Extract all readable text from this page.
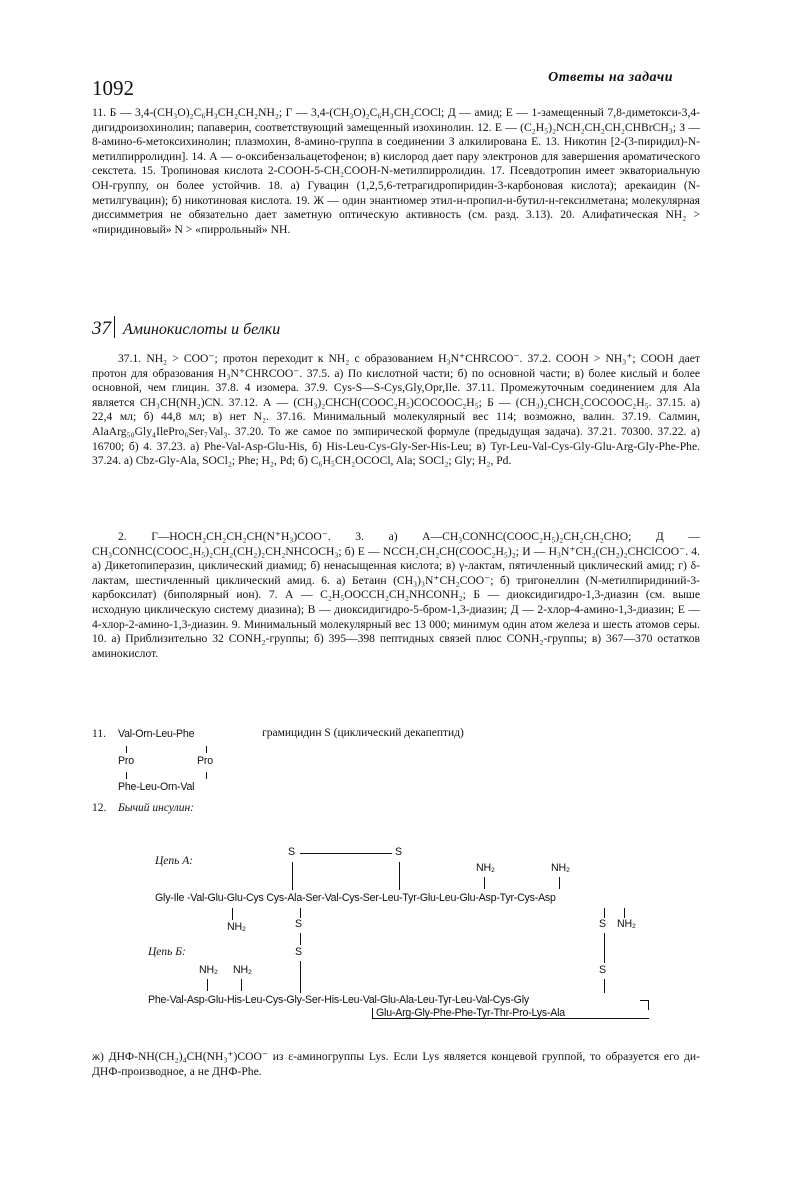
1092	Ответы на задачи

11. Б — 3,4-(CH₃O)₂C₆H₃CH₂CH₂NH₂; Г — 3,4-(CH₃O)₂C₆H₃CH₂COCl; Д — амид; Е — 1-замещенный 7,8-диметокси-3,4-дигидроизохинолин; папаверин, соответствующий замещенный изохинолин. 12. Е — (C₂H₅)₂NCH₂CH₂CH₂CHBrCH₃; З — 8-амино-6-метоксихинолин; плазмохин, 8-амино-группа в соединении З алкилирована Е. 13. Никотин [2-(3-пиридил)-N-метилпирролидин]. 14. А — о-оксибензальацетофенон; в) кислород дает пару электронов для завершения ароматического секстета. 15. Тропиновая кислота 2-COOH-5-CH₂COOH-N-метилпирролидин. 17. Псевдотропин имеет экваториальную OH-группу, он более устойчив. 18. а) Гувацин (1,2,5,6-тетрагидропиридин-3-карбоновая кислота); арекаидин (N-метилгувацин); б) никотиновая кислота. 19. Ж — один энантиомер этил-н-пропил-н-бутил-н-гексилметана; молекулярная диссимметрия не обязательно дает заметную оптическую активность (см. разд. 3.13). 20. Алифатическая NH₂ > «пиридиновый» N > «пиррольный» NH.

37 Аминокислоты и белки

37.1. NH₂ > COO⁻; протон переходит к NH₂ с образованием H₃N⁺CHRCOO⁻. 37.2. COOH > NH₃⁺; COOH дает протон для образования H₃N⁺CHRCOO⁻. 37.5. а) По кислотной части; б) по основной части; в) более кислый и более основной, чем глицин. 37.8. 4 изомера. 37.9. Cys-S—S-Cys,Gly,Opr,Ile. 37.11. Промежуточным соединением для Ala является CH₃CH(NH₂)CN. 37.12. А — (CH₃)₂CHCH(COOC₂H₅)COCOOC₂H₅; Б — (CH₃)₂CHCH₂COCOOC₂H₅. 37.15. а) 22,4 мл; б) 44,8 мл; в) нет N₂. 37.16. Минимальный молекулярный вес 114; возможно, валин. 37.19. Салмин, AlaArg₅₀Gly₄IlePro₆Ser₇Val₃. 37.20. То же самое по эмпирической формуле (предыдущая задача). 37.21. 70300. 37.22. а) 16700; б) 4. 37.23. а) Phe-Val-Asp-Glu-His, б) His-Leu-Cys-Gly-Ser-His-Leu; в) Tyr-Leu-Val-Cys-Gly-Glu-Arg-Gly-Phe-Phe. 37.24. а) Cbz-Gly-Ala, SOCl₂; Phe; H₂, Pd; б) C₆H₅CH₂OCOCl, Ala; SOCl₂; Gly; H₂, Pd.

2. Г—HOCH₂CH₂CH₂CH(N⁺H₃)COO⁻. 3. а) А—CH₃CONHC(COOC₂H₅)₂CH₂CH₂CHO; Д — CH₃CONHC(COOC₂H₅)₂CH₂(CH₂)₂CH₂NHCOCH₃; б) Е — NCCH₂CH₂CH(COOC₂H₅)₂; И — H₃N⁺CH₂(CH₂)₂CHClCOO⁻. 4. а) Дикетопиперазин, циклический диамид; б) ненасыщенная кислота; в) γ-лактам, пятичленный циклический амид; г) δ-лактам, шестичленный циклический амид. 6. а) Бетаин (CH₃)₃N⁺CH₂COO⁻; б) тригонеллин (N-метилпиридиний-3-карбоксилат) (биполярный ион). 7. А — C₂H₅OOCCH₂CH₂NHCONH₂; Б — диоксидигидро-1,3-диазин (см. выше исходную циклическую систему диазина); В — диоксидигидро-5-бром-1,3-диазин; Д — 2-хлор-4-амино-1,3-диазин; Е — 4-хлор-2-амино-1,3-диазин. 9. Минимальный молекулярный вес 13 000; минимум один атом железа и шесть атомов серы. 10. а) Приблизительно 32 CONH₂-группы; б) 395—398 пептидных связей плюс CONH₂-группы; в) 367—370 остатков аминокислот.

11. Val-Orn-Leu-Phe	грамицидин S (циклический декапептид)
Pro	Pro
Phe-Leu-Orn-Val
12. Бычий инсулин:
Цепь А:
S	S
NH₂	NH₂
Gly-Ile -Val-Glu-Glu-Cys Cys-Ala-Ser-Val-Cys-Ser-Leu-Tyr-Glu-Leu-Glu-Asp-Tyr-Cys-Asp
NH₂	S
S
S
S
NH₂
Цепь Б:
NH₂ NH₂
Phe-Val-Asp-Glu-His-Leu-Cys-Gly-Ser-His-Leu-Val-Glu-Ala-Leu-Tyr-Leu-Val-Cys-Gly
Glu-Arg-Gly-Phe-Phe-Tyr-Thr-Pro-Lys-Ala

ж) ДНФ-NH(CH₂)₄CH(NH₃⁺)COO⁻ из ε-аминогруппы Lys. Если Lys является концевой группой, то образуется его ди-ДНФ-производное, а не ДНФ-Phe.
